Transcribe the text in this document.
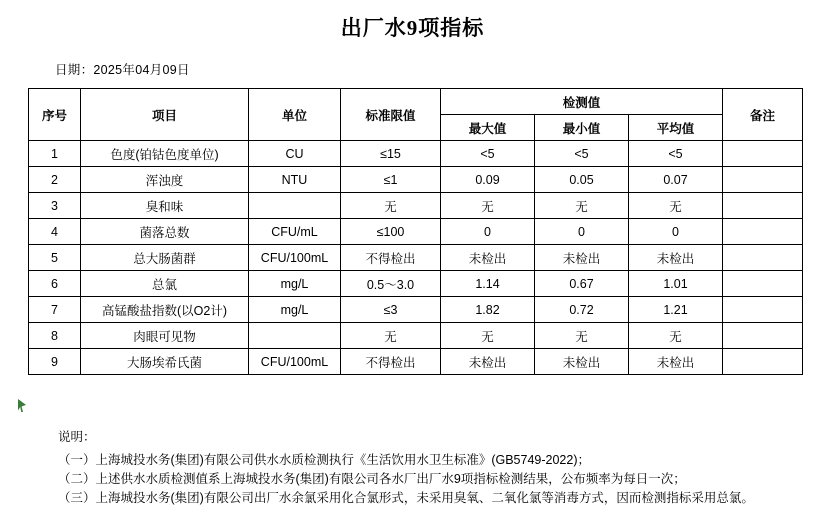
出厂水9项指标
日期：2025年04月09日
序号	项目	单位	标准限值	检测值			备注
				最大值	最小值	平均值	
1	色度(铂钴色度单位)	CU	≤15	<5	<5	<5	
2	浑浊度	NTU	≤1	0.09	0.05	0.07	
3	臭和味		无	无	无	无	
4	菌落总数	CFU/mL	≤100	0	0	0	
5	总大肠菌群	CFU/100mL	不得检出	未检出	未检出	未检出	
6	总氯	mg/L	0.5～3.0	1.14	0.67	1.01	
7	高锰酸盐指数(以O2计)	mg/L	≤3	1.82	0.72	1.21	
8	肉眼可见物		无	无	无	无	
9	大肠埃希氏菌	CFU/100mL	不得检出	未检出	未检出	未检出	
说明：
（一）上海城投水务(集团)有限公司供水水质检测执行《生活饮用水卫生标准》(GB5749-2022)；
（二）上述供水水质检测值系上海城投水务(集团)有限公司各水厂出厂水9项指标检测结果，公布频率为每日一次；
（三）上海城投水务(集团)有限公司出厂水余氯采用化合氯形式，未采用臭氧、二氧化氯等消毒方式，因而检测指标采用总氯。
